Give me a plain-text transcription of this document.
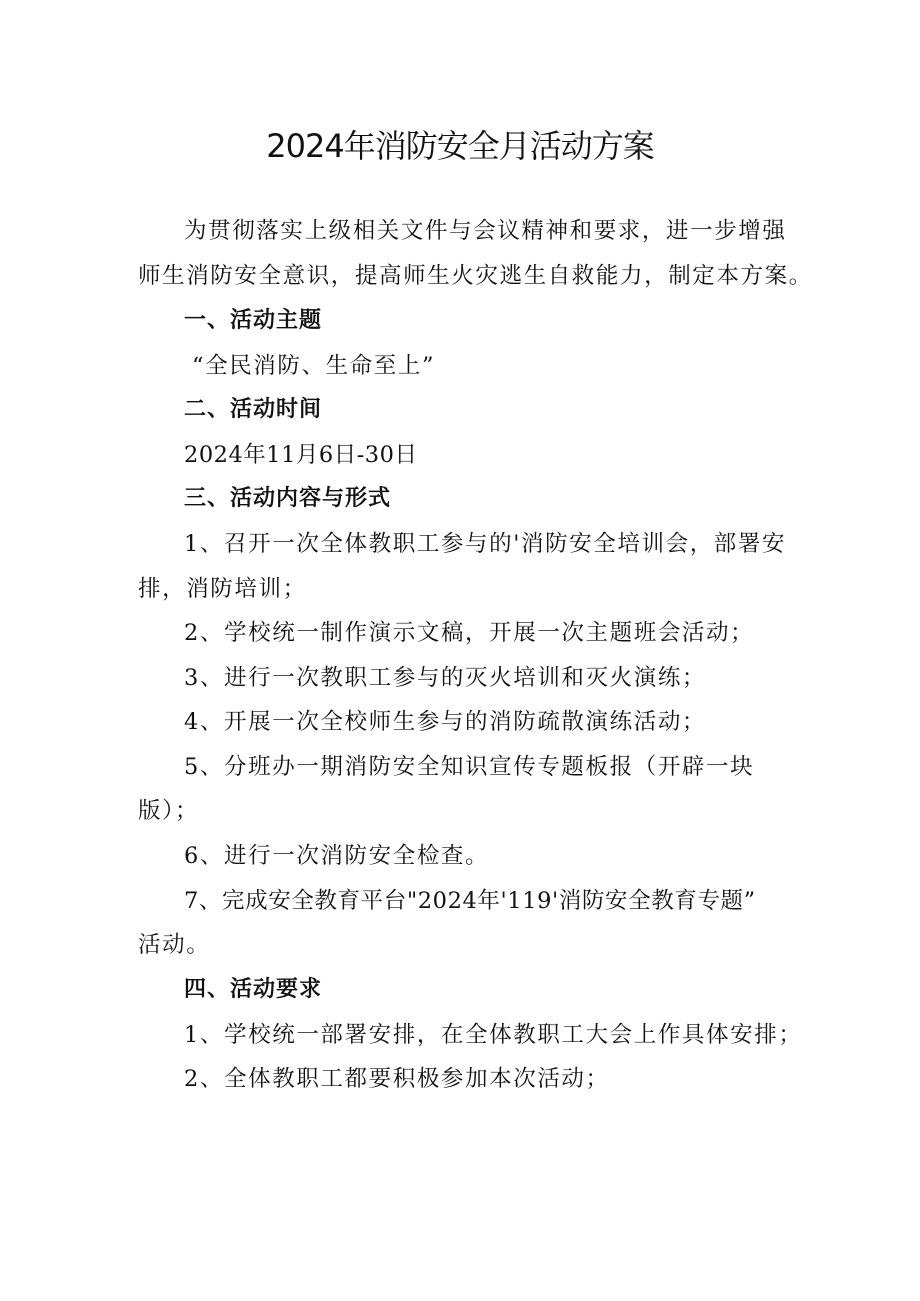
2024年消防安全月活动方案
为贯彻落实上级相关文件与会议精神和要求，进一步增强
师生消防安全意识，提高师生火灾逃生自救能力，制定本方案。
一、活动主题
“全民消防、生命至上”
二、活动时间
2024年11月6日-30日
三、活动内容与形式
1、召开一次全体教职工参与的'消防安全培训会，部署安
排，消防培训；
2、学校统一制作演示文稿，开展一次主题班会活动；
3、进行一次教职工参与的灭火培训和灭火演练；
4、开展一次全校师生参与的消防疏散演练活动；
5、分班办一期消防安全知识宣传专题板报（开辟一块
版）；
6、进行一次消防安全检查。
7、完成安全教育平台"2024年'119'消防安全教育专题”
活动。
四、活动要求
1、学校统一部署安排，在全体教职工大会上作具体安排；
2、全体教职工都要积极参加本次活动；
